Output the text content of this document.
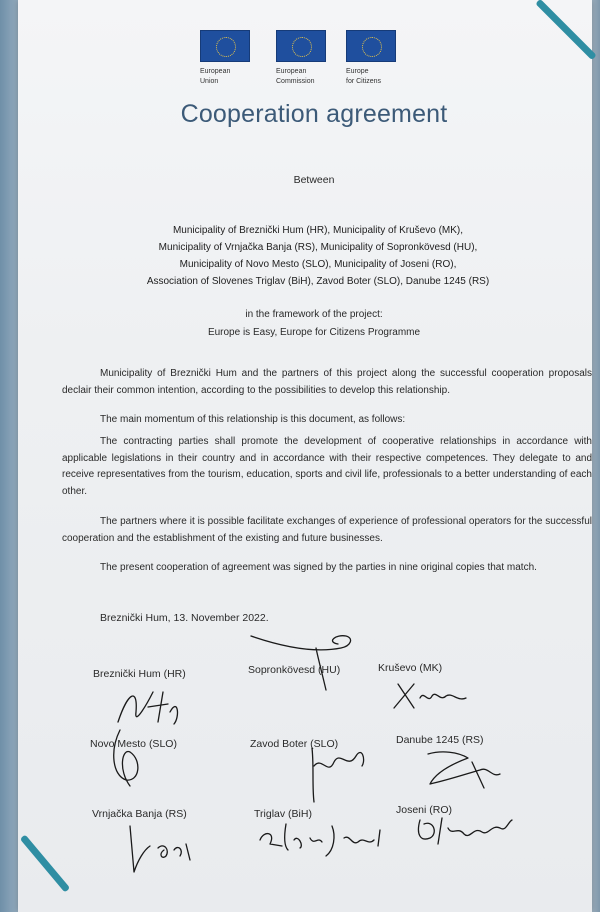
European
Union
European
Commission
Europe
for Citizens
Cooperation agreement
Between
Municipality of Breznički Hum (HR), Municipality of Kruševo (MK),
Municipality of Vrnjačka Banja (RS), Municipality of Sopronkövesd (HU),
Municipality of Novo Mesto (SLO), Municipality of Joseni (RO),
Association of Slovenes Triglav (BiH), Zavod Boter (SLO), Danube 1245 (RS)
in the framework of the project:
Europe is Easy, Europe for Citizens Programme
Municipality of Breznički Hum and the partners of this project along the successful cooperation proposals declair their common intention, according to the possibilities to develop this relationship.
The main momentum of this relationship is this document, as follows:
The contracting parties shall promote the development of cooperative relationships in accordance with applicable legislations in their country and in accordance with their respective competences. They delegate to and receive representatives from the tourism, education, sports and civil life, professionals to a better understanding of each other.
The partners where it is possible facilitate exchanges of experience of professional operators for the successful cooperation and the establishment of the existing and future businesses.
The present cooperation of agreement was signed by the parties in nine original copies that match.
Breznički Hum, 13. November 2022.
Breznički Hum (HR)	Sopronkövesd (HU)	Kruševo (MK)
Novo Mesto (SLO)	Zavod Boter (SLO)	Danube 1245 (RS)
Vrnjačka Banja (RS)	Triglav (BiH)	Joseni (RO)
